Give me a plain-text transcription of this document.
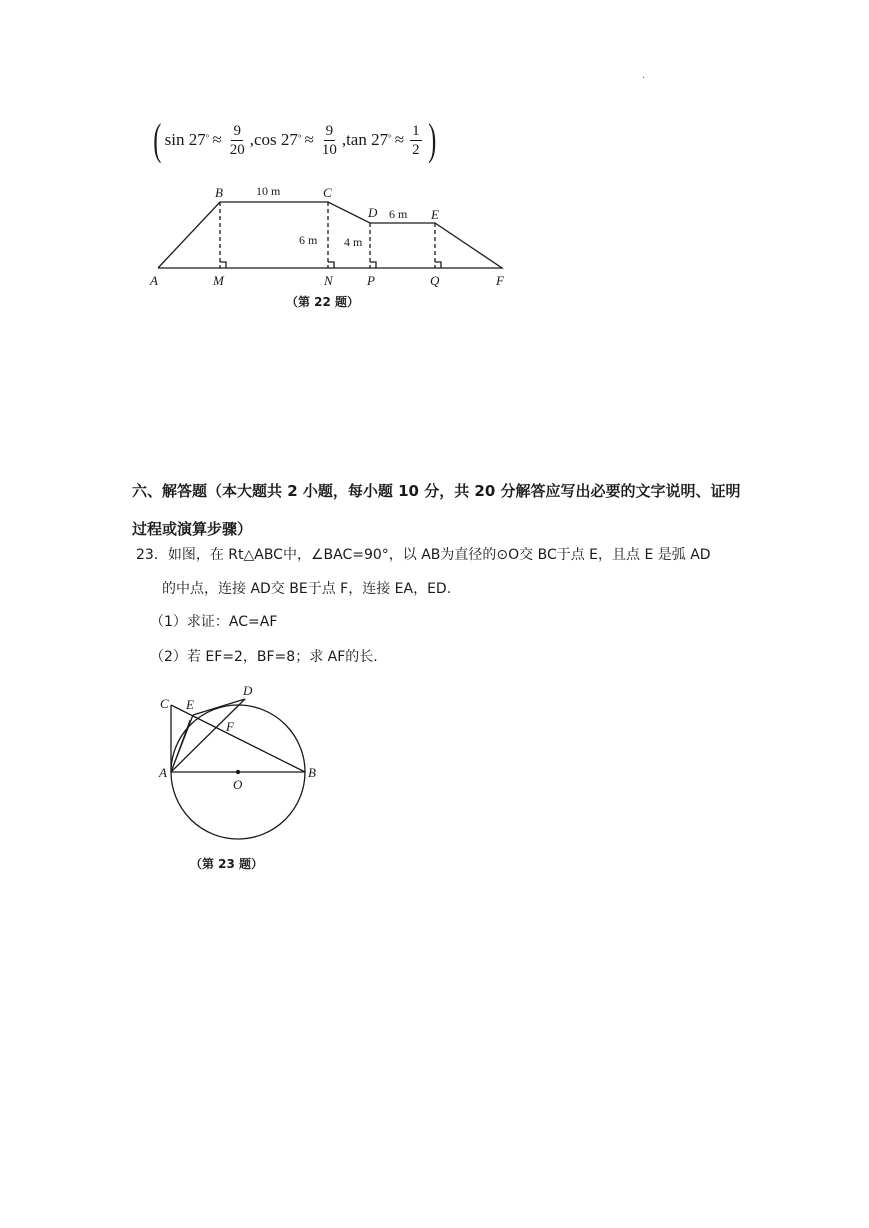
.
( sin 27 ° ≈ $\frac{9}{20} ,\cos$ 27 ° ≈ $\frac{9}{10} ,\tan$ 27 ° ≈ $\frac{1}{2}$ )
B	C
D	E
A	M	N	P	Q	F
10 m
6 m
6 m 4 m
（第 22 题）
六、解答题（本大题共 2 小题，每小题 10 分，共 20 分解答应写出必要的文字说明、证明
过程或演算步骤）
23．如图，在 Rt△ABC中，∠BAC=90°，以 AB为直径的⊙O交 BC于点 E，且点 E 是弧 AD
的中点，连接 AD交 BE于点 F，连接 EA，ED.
（1）求证：AC=AF
（2）若 EF=2，BF=8；求 AF的长.
C E
D
F
A	B
O
（第 23 题）
